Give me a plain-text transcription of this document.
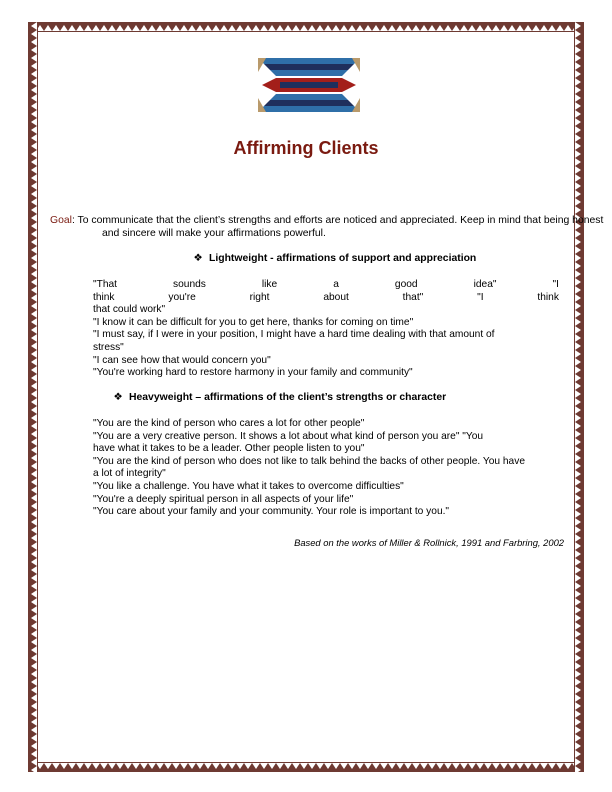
Affirming Clients
Goal: To communicate that the client’s strengths and efforts are noticed and appreciated. Keep in mind that being honest and sincere will make your affirmations powerful.
❖ Lightweight - affirmations of support and appreciation
"That	sounds	like	a	good	idea"	"I
think	you're	right	about	that"	"I	think
that could work"
"I know it can be difficult for you to get here, thanks for coming on time"
"I must say, if I were in your position, I might have a hard time dealing with that amount of
stress"
"I can see how that would concern you"
"You're working hard to restore harmony in your family and community"
❖ Heavyweight – affirmations of the client’s strengths or character
"You are the kind of person who cares a lot for other people"
"You are a very creative person. It shows a lot about what kind of person you are" "You
have what it takes to be a leader. Other people listen to you"
"You are the kind of person who does not like to talk behind the backs of other people. You have
a lot of integrity"
"You like a challenge. You have what it takes to overcome difficulties"
"You're a deeply spiritual person in all aspects of your life"
"You care about your family and your community. Your role is important to you."
Based on the works of Miller & Rollnick, 1991 and Farbring, 2002
